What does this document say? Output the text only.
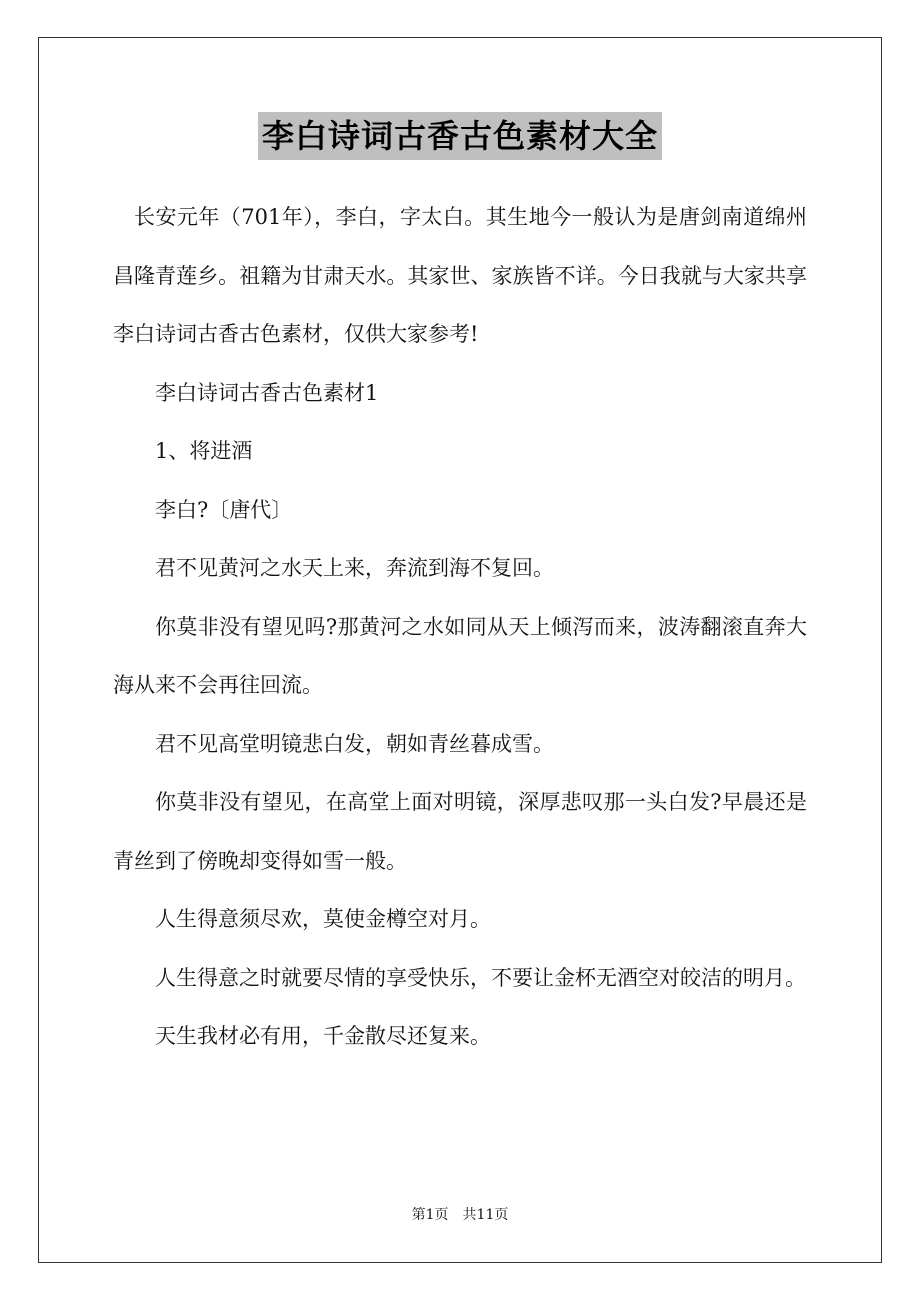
李白诗词古香古色素材大全

长安元年（701年），李白，字太白。其生地今一般认为是唐剑南道绵州昌隆青莲乡。祖籍为甘肃天水。其家世、家族皆不详。今日我就与大家共享李白诗词古香古色素材，仅供大家参考!

李白诗词古香古色素材1

1、将进酒

李白?〔唐代〕

君不见黄河之水天上来，奔流到海不复回。

你莫非没有望见吗?那黄河之水如同从天上倾泻而来，波涛翻滚直奔大海从来不会再往回流。

君不见高堂明镜悲白发，朝如青丝暮成雪。

你莫非没有望见，在高堂上面对明镜，深厚悲叹那一头白发?早晨还是青丝到了傍晚却变得如雪一般。

人生得意须尽欢，莫使金樽空对月。

人生得意之时就要尽情的享受快乐，不要让金杯无酒空对皎洁的明月。

天生我材必有用，千金散尽还复来。

第1页 共11页
